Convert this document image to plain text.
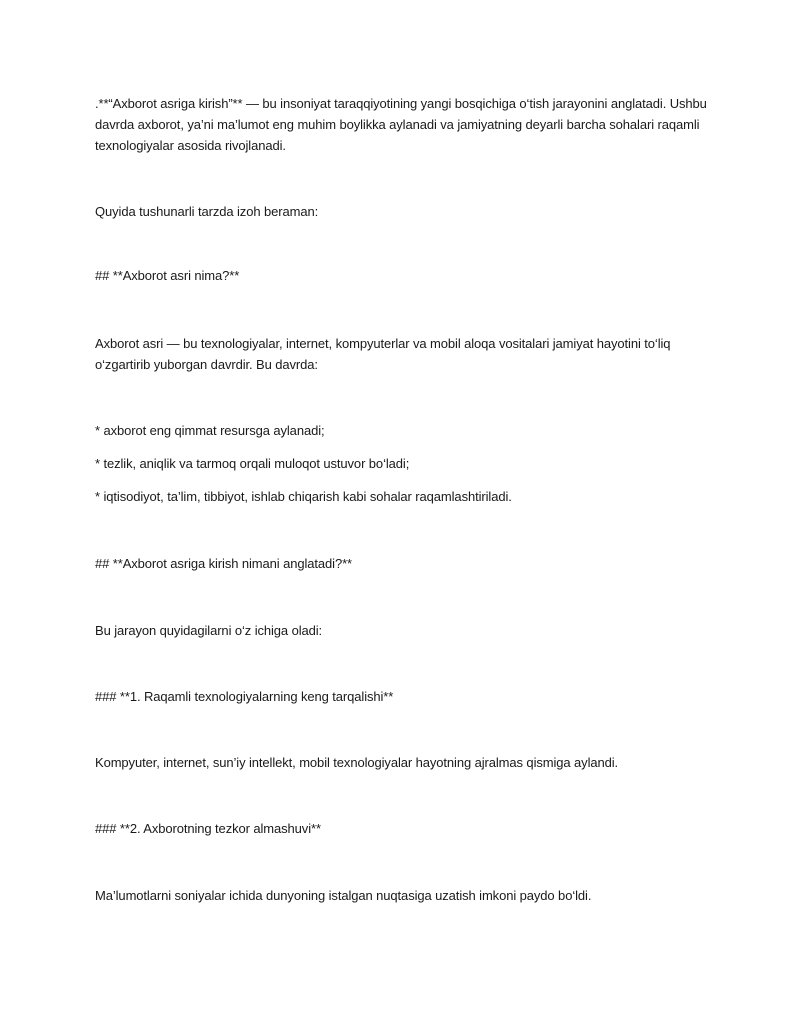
.**“Axborot asriga kirish”** — bu insoniyat taraqqiyotining yangi bosqichiga o‘tish jarayonini anglatadi. Ushbu davrda axborot, ya’ni ma’lumot eng muhim boylikka aylanadi va jamiyatning deyarli barcha sohalari raqamli texnologiyalar asosida rivojlanadi.

Quyida tushunarli tarzda izoh beraman:

## **Axborot asri nima?**

Axborot asri — bu texnologiyalar, internet, kompyuterlar va mobil aloqa vositalari jamiyat hayotini to‘liq o‘zgartirib yuborgan davrdir. Bu davrda:

* axborot eng qimmat resursga aylanadi;

* tezlik, aniqlik va tarmoq orqali muloqot ustuvor bo‘ladi;

* iqtisodiyot, ta’lim, tibbiyot, ishlab chiqarish kabi sohalar raqamlashtiriladi.

## **Axborot asriga kirish nimani anglatadi?**

Bu jarayon quyidagilarni o‘z ichiga oladi:

### **1. Raqamli texnologiyalarning keng tarqalishi**

Kompyuter, internet, sun’iy intellekt, mobil texnologiyalar hayotning ajralmas qismiga aylandi.

### **2. Axborotning tezkor almashuvi**

Ma’lumotlarni soniyalar ichida dunyoning istalgan nuqtasiga uzatish imkoni paydo bo‘ldi.
